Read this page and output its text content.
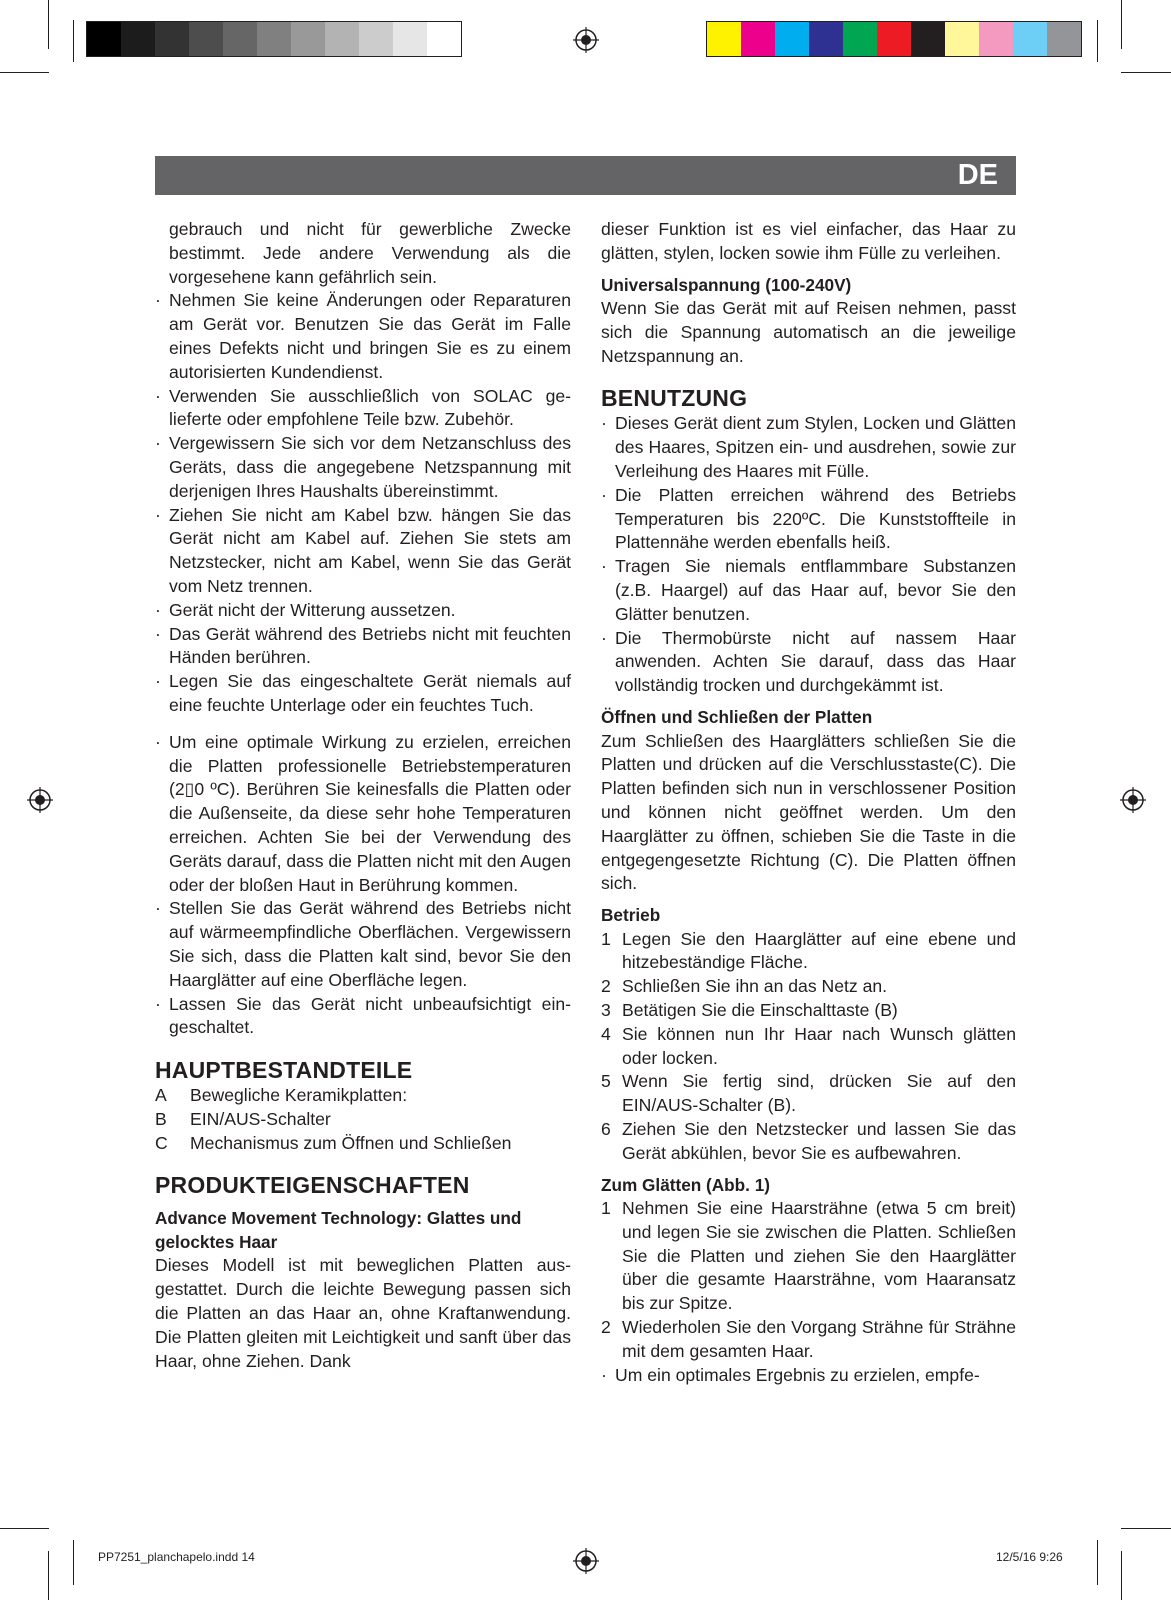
DE

gebrauch und nicht für gewerbliche Zwecke bestimmt. Jede andere Verwendung als die vorgesehene kann gefährlich sein.

· Nehmen Sie keine Änderungen oder Reparaturen am Gerät vor. Benutzen Sie das Gerät im Falle eines Defekts nicht und bringen Sie es zu einem autorisierten Kundendienst.

· Verwenden Sie ausschließlich von SOLAC gelieferte oder empfohlene Teile bzw. Zubehör.

· Vergewissern Sie sich vor dem Netzanschluss des Geräts, dass die angegebene Netzspannung mit derjenigen Ihres Haushalts übereinstimmt.

· Ziehen Sie nicht am Kabel bzw. hängen Sie das Gerät nicht am Kabel auf. Ziehen Sie stets am Netzstecker, nicht am Kabel, wenn Sie das Gerät vom Netz trennen.

· Gerät nicht der Witterung aussetzen.

· Das Gerät während des Betriebs nicht mit feuchten Händen berühren.

· Legen Sie das eingeschaltete Gerät niemals auf eine feuchte Unterlage oder ein feuchtes Tuch.

· Um eine optimale Wirkung zu erzielen, erreichen die Platten professionelle Betriebstemperaturen (2▯0 ºC). Berühren Sie keinesfalls die Platten oder die Außenseite, da diese sehr hohe Temperaturen erreichen. Achten Sie bei der Verwendung des Geräts darauf, dass die Platten nicht mit den Augen oder der bloßen Haut in Berührung kommen.

· Stellen Sie das Gerät während des Betriebs nicht auf wärmeempfindliche Oberflächen. Vergewissern Sie sich, dass die Platten kalt sind, bevor Sie den Haarglätter auf eine Oberfläche legen.

· Lassen Sie das Gerät nicht unbeaufsichtigt eingeschaltet.

HAUPTBESTANDTEILE

A Bewegliche Keramikplatten:

B EIN/AUS-Schalter

C Mechanismus zum Öffnen und Schließen

PRODUKTEIGENSCHAFTEN
Advance Movement Technology: Glattes und gelocktes Haar

Dieses Modell ist mit beweglichen Platten ausgestattet. Durch die leichte Bewegung passen sich die Platten an das Haar an, ohne Kraftanwendung. Die Platten gleiten mit Leichtigkeit und sanft über das Haar, ohne Ziehen. Dank

dieser Funktion ist es viel einfacher, das Haar zu glätten, stylen, locken sowie ihm Fülle zu verleihen.

Universalspannung (100-240V)

Wenn Sie das Gerät mit auf Reisen nehmen, passt sich die Spannung automatisch an die jeweilige Netzspannung an.

BENUTZUNG

· Dieses Gerät dient zum Stylen, Locken und Glätten des Haares, Spitzen ein- und ausdrehen, sowie zur Verleihung des Haares mit Fülle.

· Die Platten erreichen während des Betriebs Temperaturen bis 220ºC. Die Kunststoffteile in Plattennähe werden ebenfalls heiß.

· Tragen Sie niemals entflammbare Substanzen (z.B. Haargel) auf das Haar auf, bevor Sie den Glätter benutzen.

· Die Thermobürste nicht auf nassem Haar anwenden. Achten Sie darauf, dass das Haar vollständig trocken und durchgekämmt ist.

Öffnen und Schließen der Platten

Zum Schließen des Haarglätters schließen Sie die Platten und drücken auf die Verschlusstaste(C). Die Platten befinden sich nun in verschlossener Position und können nicht geöffnet werden. Um den Haarglätter zu öffnen, schieben Sie die Taste in die entgegengesetzte Richtung (C). Die Platten öffnen sich.

Betrieb

1 Legen Sie den Haarglätter auf eine ebene und hitzebeständige Fläche.

2 Schließen Sie ihn an das Netz an.

3 Betätigen Sie die Einschalttaste (B)

4 Sie können nun Ihr Haar nach Wunsch glätten oder locken.

5 Wenn Sie fertig sind, drücken Sie auf den EIN/AUS-Schalter (B).

6 Ziehen Sie den Netzstecker und lassen Sie das Gerät abkühlen, bevor Sie es aufbewahren.

Zum Glätten (Abb. 1)

1 Nehmen Sie eine Haarsträhne (etwa 5 cm breit) und legen Sie sie zwischen die Platten. Schließen Sie die Platten und ziehen Sie den Haarglätter über die gesamte Haarsträhne, vom Haaransatz bis zur Spitze.

2 Wiederholen Sie den Vorgang Strähne für Strähne mit dem gesamten Haar.

· Um ein optimales Ergebnis zu erzielen, empfe-

PP7251_planchapelo.indd 14	12/5/16 9:26
